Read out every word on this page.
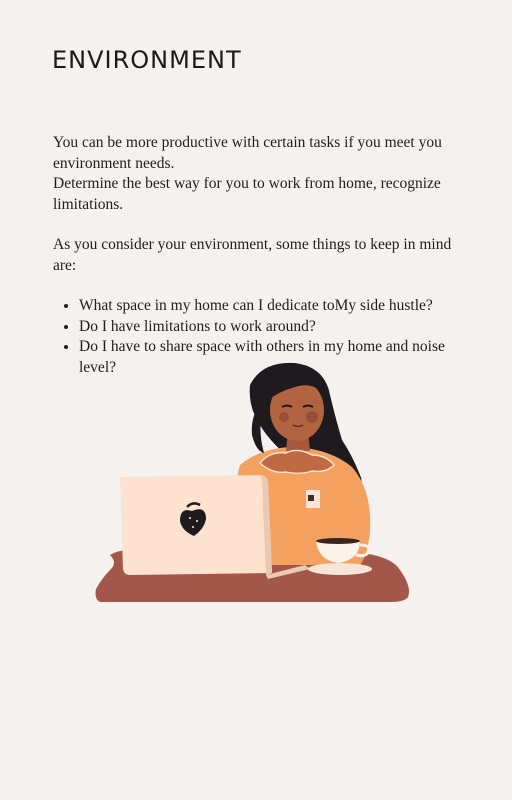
ENVIRONMENT

You can be more productive with certain tasks if you meet you environment needs.

Determine the best way for you to work from home, recognize limitations.

As you consider your environment, some things to keep in mind are:

• What space in my home can I dedicate toMy side hustle?
• Do I have limitations to work around?
• Do I have to share space with others in my home and noise level?
